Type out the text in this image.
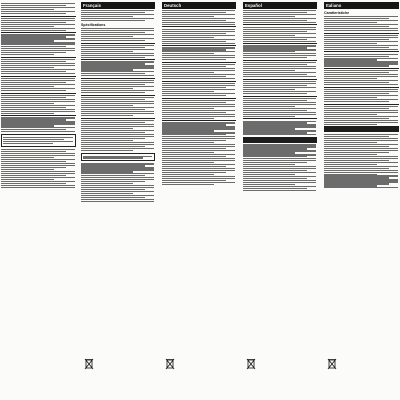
Français
Spécifications
Deutsch	Español	Italiano
Caratteristiche
